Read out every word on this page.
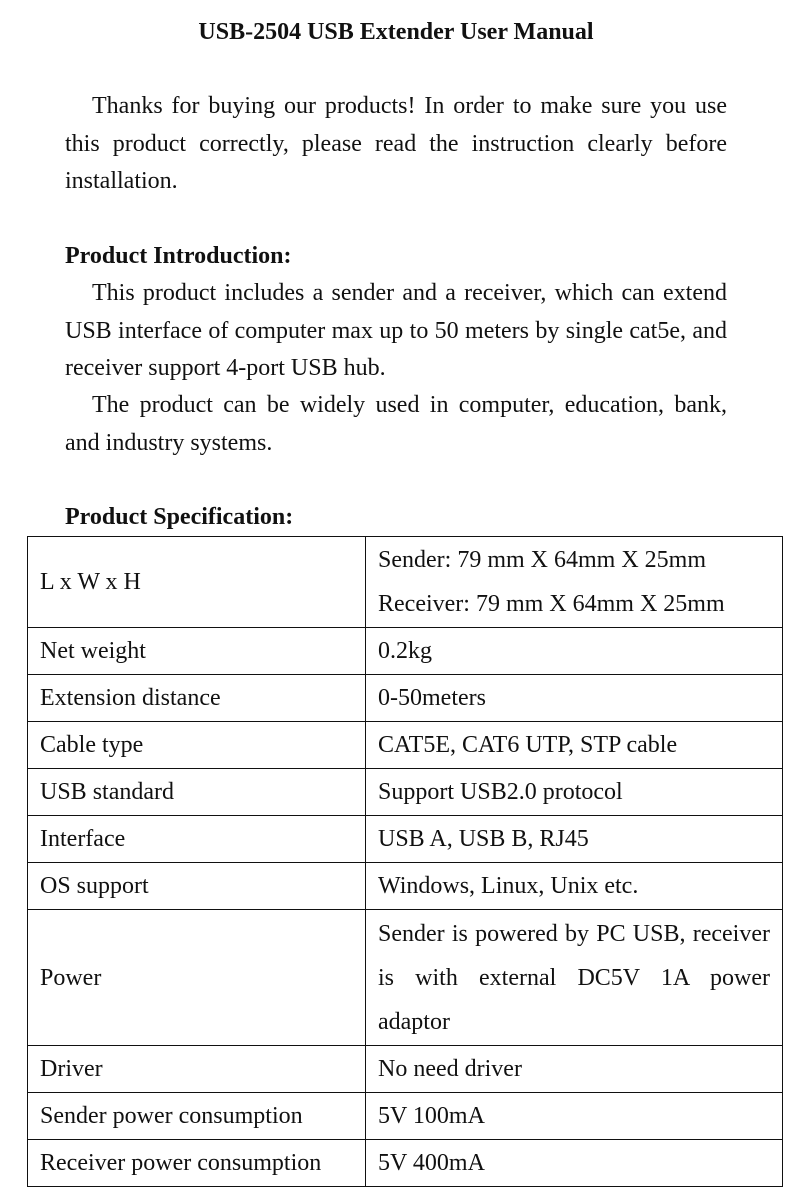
USB-2504 USB Extender User Manual

Thanks for buying our products! In order to make sure you use this product correctly, please read the instruction clearly before installation.

Product Introduction:

This product includes a sender and a receiver, which can extend USB interface of computer max up to 50 meters by single cat5e, and receiver support 4-port USB hub.

The product can be widely used in computer, education, bank, and industry systems.

Product Specification:
L x W x H	Sender: 79 mm X 64mm X 25mm
Receiver: 79 mm X 64mm X 25mm

Net weight	0.2kg
Extension distance	0-50meters
Cable type	CAT5E, CAT6 UTP, STP cable
USB standard	Support USB2.0 protocol
Interface	USB A, USB B, RJ45
OS support	Windows, Linux, Unix etc.
Power	Sender is powered by PC USB, receiver is with external DC5V 1A power adaptor
Driver	No need driver
Sender power consumption	5V 100mA
Receiver power consumption	5V 400mA
